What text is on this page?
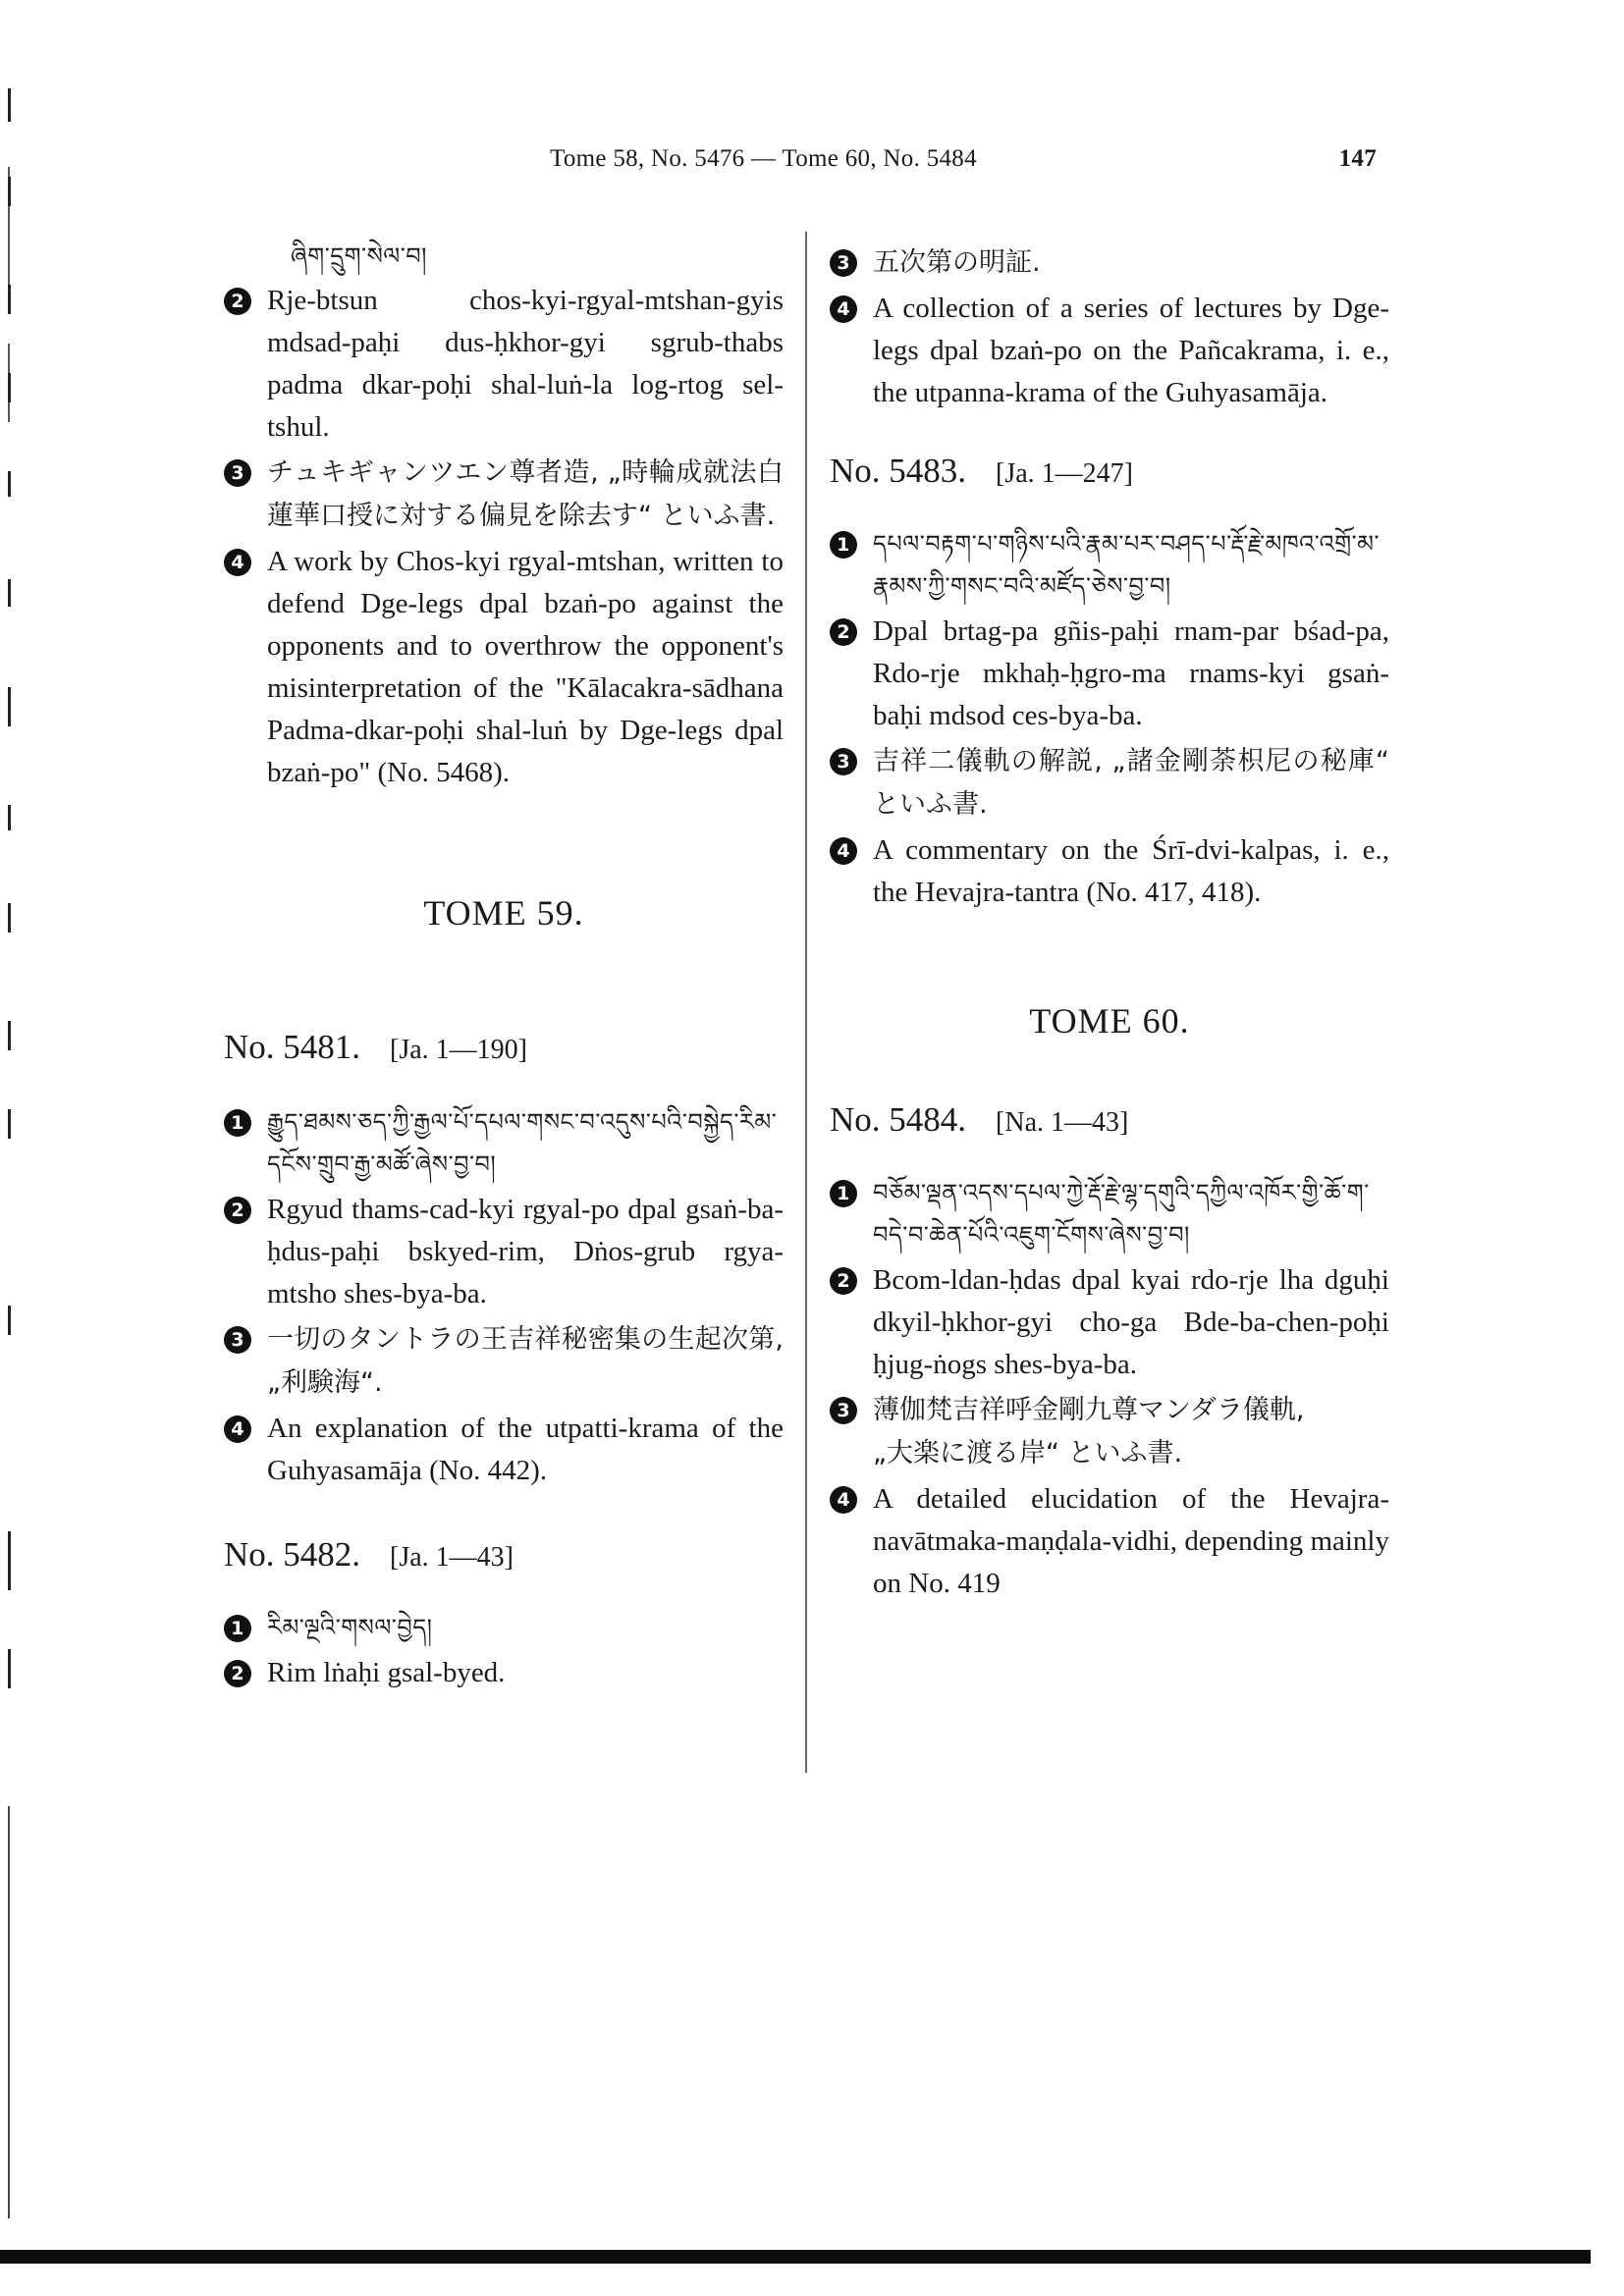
Tome 58, No. 5476 — Tome 60, No. 5484	147
ཞིག་དྲུག་སེལ་བ།
2 Rje-btsun chos-kyi-rgyal-mtshan-gyis mdsad-paḥi dus-ḥkhor-gyi sgrub-thabs padma dkar-poḥi shal-luṅ-la log-rtog sel-tshul.
3 チュキギャンツエン尊者造, „時輪成就法白蓮華口授に対する偏見を除去す“ といふ書.
4 A work by Chos-kyi rgyal-mtshan, written to defend Dge-legs dpal bzaṅ-po against the opponents and to overthrow the opponent's misinterpretation of the "Kālacakra-sādhana Padma-dkar-poḥi shal-luṅ by Dge-legs dpal bzaṅ-po" (No. 5468).
TOME 59.
No. 5481. [Ja. 1—190]
1 རྒྱུད་ཐམས་ཅད་ཀྱི་རྒྱལ་པོ་དཔལ་གསང་བ་འདུས་པའི་བསྐྱེད་རིམ་དངོས་གྲུབ་རྒྱ་མཚོ་ཞེས་བྱ་བ།
2 Rgyud thams-cad-kyi rgyal-po dpal gsaṅ-ba-ḥdus-paḥi bskyed-rim, Dṅos-grub rgya-mtsho shes-bya-ba.
3 一切のタントラの王吉祥秘密集の生起次第, „利験海“.
4 An explanation of the utpatti-krama of the Guhyasamāja (No. 442).
No. 5482. [Ja. 1—43]
1 རིམ་ལྔའི་གསལ་བྱེད།
2 Rim lṅaḥi gsal-byed.
3 五次第の明証.
4 A collection of a series of lectures by Dge-legs dpal bzaṅ-po on the Pañcakrama, i. e., the utpanna-krama of the Guhyasamāja.
No. 5483. [Ja. 1—247]
1 དཔལ་བརྟག་པ་གཉིས་པའི་རྣམ་པར་བཤད་པ་རྡོ་རྗེ་མཁའ་འགྲོ་མ་རྣམས་ཀྱི་གསང་བའི་མཛོད་ཅེས་བྱ་བ།
2 Dpal brtag-pa gñis-paḥi rnam-par bśad-pa, Rdo-rje mkhaḥ-ḥgro-ma rnams-kyi gsaṅ-baḥi mdsod ces-bya-ba.
3 吉祥二儀軌の解説, „諸金剛荼枳尼の秘庫“ といふ書.
4 A commentary on the Śrī-dvi-kalpas, i. e., the Hevajra-tantra (No. 417, 418).
TOME 60.
No. 5484. [Na. 1—43]
1 བཅོམ་ལྡན་འདས་དཔལ་ཀྱེ་རྡོ་རྗེ་ལྷ་དགུའི་དཀྱིལ་འཁོར་གྱི་ཆོ་ག་བདེ་བ་ཆེན་པོའི་འཇུག་ངོགས་ཞེས་བྱ་བ།
2 Bcom-ldan-ḥdas dpal kyai rdo-rje lha dguḥi dkyil-ḥkhor-gyi cho-ga Bde-ba-chen-poḥi ḥjug-ṅogs shes-bya-ba.
3 薄伽梵吉祥呼金剛九尊マンダラ儀軌,
„大楽に渡る岸“ といふ書.
4 A detailed elucidation of the Hevajra-navātmaka-maṇḍala-vidhi, depending mainly on No. 419
